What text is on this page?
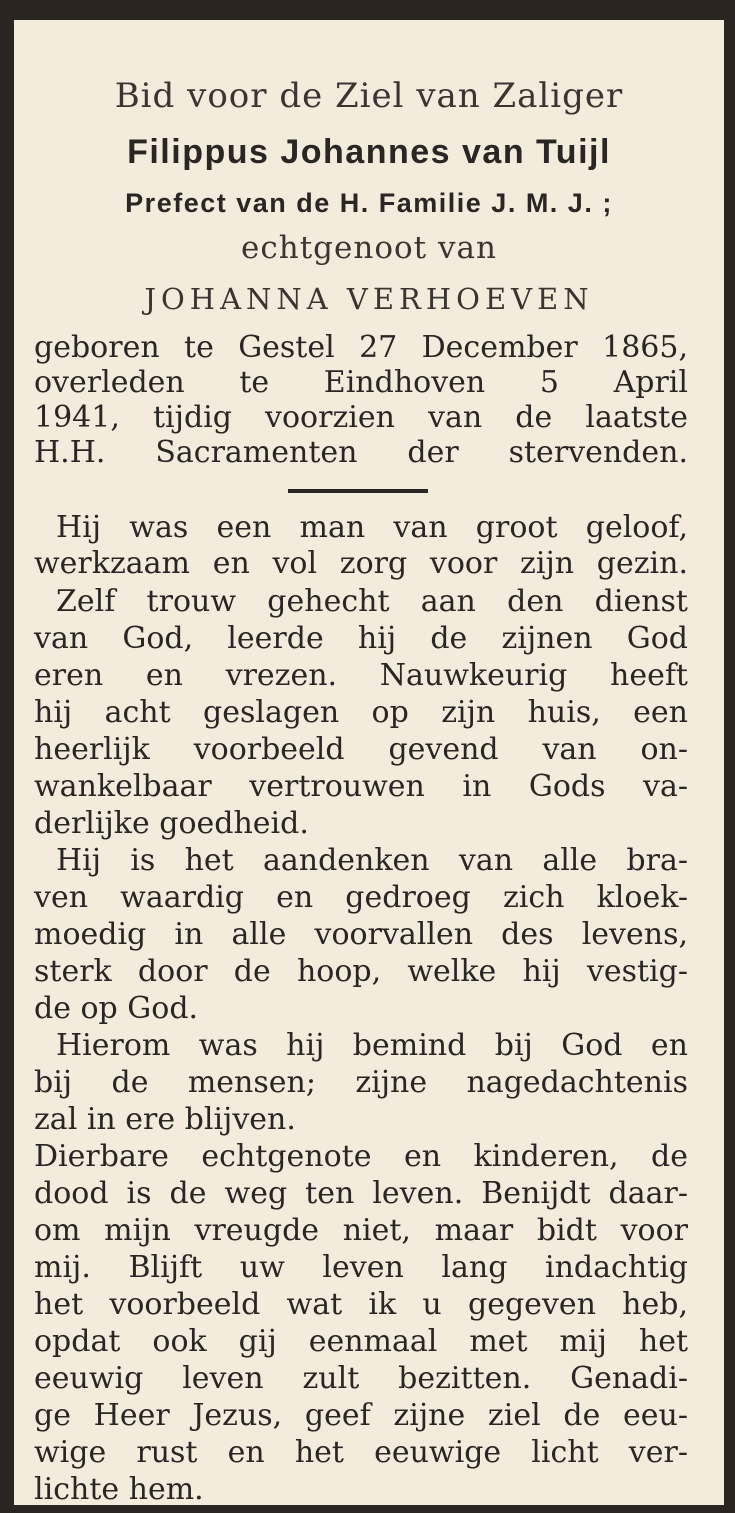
Bid voor de Ziel van Zaliger
Filippus Johannes van Tuijl
Prefect van de H. Familie J. M. J. ;
echtgenoot van
JOHANNA VERHOEVEN
geboren te Gestel 27 December 1865,
overleden te Eindhoven 5 April
1941, tijdig voorzien van de laatste
H.H. Sacramenten der stervenden.
Hij was een man van groot geloof,
werkzaam en vol zorg voor zijn gezin.
Zelf trouw gehecht aan den dienst
van God, leerde hij de zijnen God
eren en vrezen. Nauwkeurig heeft
hij acht geslagen op zijn huis, een
heerlijk voorbeeld gevend van on-
wankelbaar vertrouwen in Gods va-
derlijke goedheid.
Hij is het aandenken van alle bra-
ven waardig en gedroeg zich kloek-
moedig in alle voorvallen des levens,
sterk door de hoop, welke hij vestig-
de op God.
Hierom was hij bemind bij God en
bij de mensen; zijne nagedachtenis
zal in ere blijven.
Dierbare echtgenote en kinderen, de
dood is de weg ten leven. Benijdt daar-
om mijn vreugde niet, maar bidt voor
mij. Blijft uw leven lang indachtig
het voorbeeld wat ik u gegeven heb,
opdat ook gij eenmaal met mij het
eeuwig leven zult bezitten. Genadi-
ge Heer Jezus, geef zijne ziel de eeu-
wige rust en het eeuwige licht ver-
lichte hem.
